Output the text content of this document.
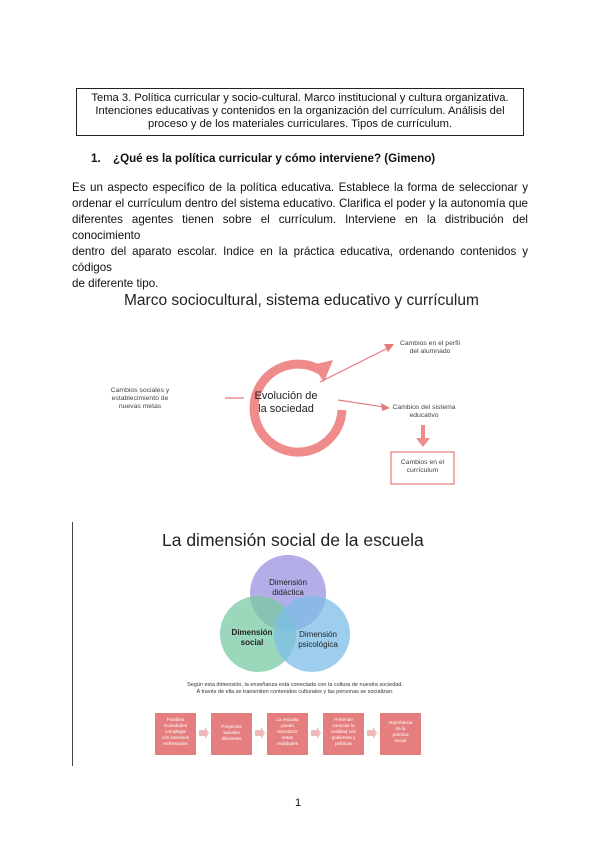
Tema 3. Política curricular y socio-cultural. Marco institucional y cultura organizativa.
Intenciones educativas y contenidos en la organización del currículum. Análisis del
proceso y de los materiales curriculares. Tipos de currículum.
1. ¿Qué es la política curricular y cómo interviene? (Gimeno)
Es un aspecto específico de la política educativa. Establece la forma de seleccionar y
ordenar el currículum dentro del sistema educativo. Clarifica el poder y la autonomía que
diferentes agentes tienen sobre el currículum. Interviene en la distribución del conocimiento
dentro del aparato escolar. Indice en la práctica educativa, ordenando contenidos y códigos
de diferente tipo.
Marco sociocultural, sistema educativo y currículum
Evolución de
la sociedad
Cambios sociales y
establecimiento de
nuevas metas
Cambios en el perfil
del alumnado
Cambios del sistema
educativo
Cambios en el
currículum
La dimensión social de la escuela
Dimensión
didáctica
Dimensión
social
Dimensión
psicológica
Según esta dimensión, la enseñanza está conectada con la cultura de nuestra sociedad.
A través de ella se transmiten contenidos culturales y las personas se socializan.
Posibles
sociedades
complejas
con intereses
enfrentados
Proyectos
sociales
diferentes
La escuela
puede
reproducir
estas
realidades
Pretende
conectar la
realidad con
gobiernos y
políticas
Importancia
de la
práctica
social
1
